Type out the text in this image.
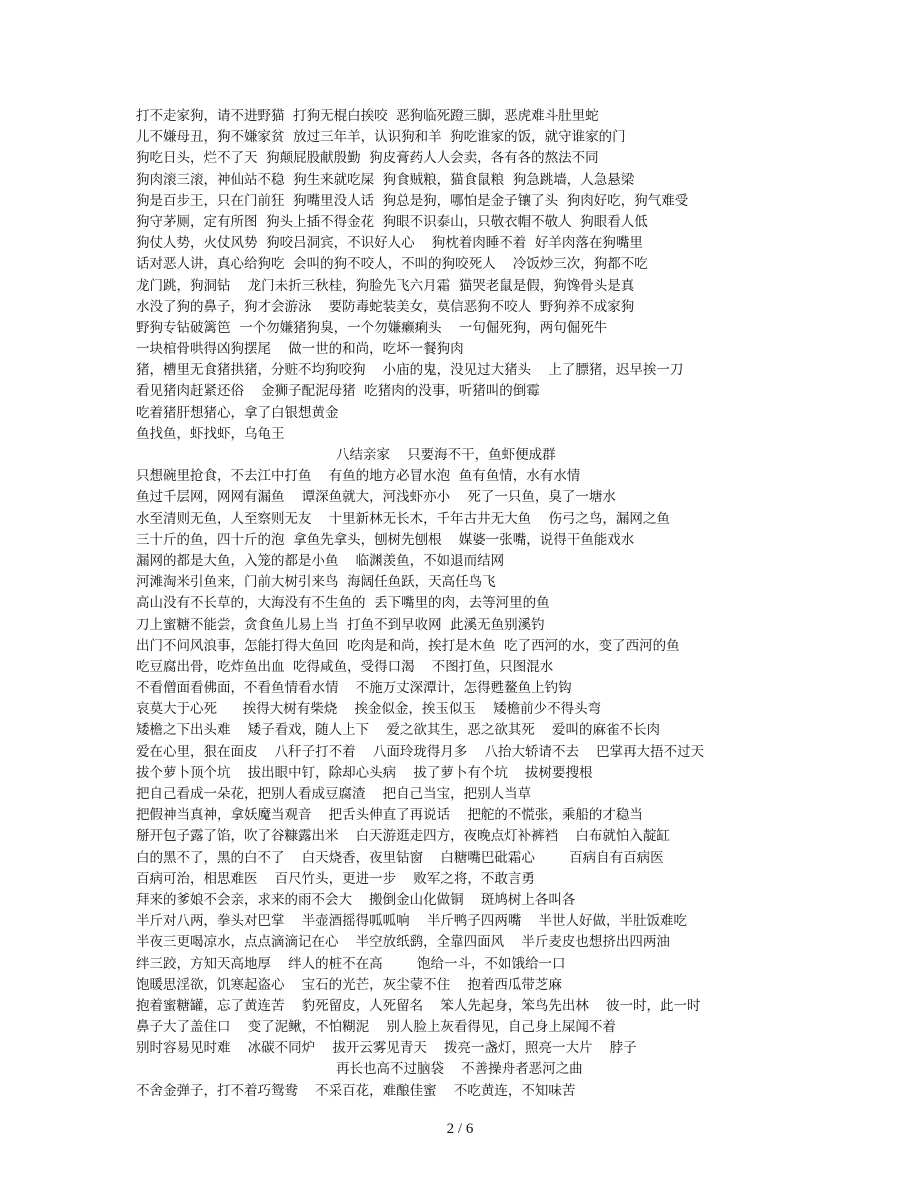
打不走家狗，请不进野猫  打狗无棍白挨咬  恶狗临死蹬三脚，恶虎难斗肚里蛇
儿不嫌母丑，狗不嫌家贫  放过三年羊，认识狗和羊  狗吃谁家的饭，就守谁家的门
狗吃日头，烂不了天  狗颠屁股献殷勤  狗皮膏药人人会卖，各有各的熬法不同
狗肉滚三滚，神仙站不稳  狗生来就吃屎  狗食贼粮，猫食鼠粮  狗急跳墙，人急悬梁
狗是百步王，只在门前狂  狗嘴里没人话  狗总是狗，哪怕是金子镶了头  狗肉好吃，狗气难受
狗守茅厕，定有所图  狗头上插不得金花  狗眼不识泰山，只敬衣帽不敬人  狗眼看人低
狗仗人势，火仗风势  狗咬吕洞宾，不识好人心    狗枕着肉睡不着  好羊肉落在狗嘴里
话对恶人讲，真心给狗吃  会叫的狗不咬人，不叫的狗咬死人    冷饭炒三次，狗都不吃
龙门跳，狗洞钻    龙门未折三秋桂，狗脸先飞六月霜  猫哭老鼠是假，狗馋骨头是真
水没了狗的鼻子，狗才会游泳    要防毒蛇装美女，莫信恶狗不咬人  野狗养不成家狗
野狗专钻破篱笆  一个勿嫌猪狗臭，一个勿嫌癞痢头    一句倔死狗，两句倔死牛
一块棺骨哄得凶狗摆尾    做一世的和尚，吃坏一餐狗肉
猪，槽里无食猪拱猪，分赃不均狗咬狗    小庙的鬼，没见过大猪头    上了膘猪，迟早挨一刀
看见猪肉赶紧还俗    金狮子配泥母猪  吃猪肉的没事，听猪叫的倒霉
吃着猪肝想猪心，拿了白银想黄金
鱼找鱼，虾找虾，乌龟王
八结亲家    只要海不干，鱼虾便成群
只想碗里抢食，不去江中打鱼    有鱼的地方必冒水泡  鱼有鱼情，水有水情
鱼过千层网，网网有漏鱼    谭深鱼就大，河浅虾亦小    死了一只鱼，臭了一塘水
水至清则无鱼，人至察则无友    十里新林无长木，千年古井无大鱼    伤弓之鸟，漏网之鱼
三十斤的鱼，四十斤的泡  拿鱼先拿头，刨树先刨根    媒婆一张嘴，说得干鱼能戏水
漏网的都是大鱼，入笼的都是小鱼    临渊羡鱼，不如退而结网
河滩淘米引鱼来，门前大树引来鸟  海阔任鱼跃，天高任鸟飞
高山没有不长草的，大海没有不生鱼的  丢下嘴里的肉，去等河里的鱼
刀上蜜糖不能尝，贪食鱼儿易上当  打鱼不到早收网  此溪无鱼别溪钓
出门不问风浪事，怎能打得大鱼回  吃肉是和尚，挨打是木鱼  吃了西河的水，变了西河的鱼
吃豆腐出骨，吃炸鱼出血  吃得咸鱼，受得口渴    不图打鱼，只图混水
不看僧面看佛面，不看鱼情看水情    不施万丈深潭计，怎得甦鳌鱼上钓钩
哀莫大于心死      挨得大树有柴烧    挨金似金，挨玉似玉    矮檐前少不得头弯
矮檐之下出头难    矮子看戏，随人上下    爱之欲其生，恶之欲其死    爱叫的麻雀不长肉
爱在心里，狠在面皮    八秆子打不着    八面玲珑得月多    八抬大轿请不去    巴掌再大捂不过天
拔个萝卜顶个坑    拔出眼中钉，除却心头病    拔了萝卜有个坑    拔树要搜根
把自己看成一朵花，把别人看成豆腐渣    把自己当宝，把别人当草
把假神当真神，拿妖魔当观音    把舌头伸直了再说话    把舵的不慌张，乘船的才稳当
掰开包子露了馅，吹了谷糠露出米    白天游逛走四方，夜晚点灯补裤裆    白布就怕入靛缸
白的黑不了，黑的白不了    白天烧香，夜里钻窗    白糖嘴巴砒霜心        百病自有百病医
百病可治，相思难医    百尺竹头，更进一步    败军之将，不敢言勇
拜来的爹娘不会亲，求来的雨不会大    搬倒金山化做铜    斑鸠树上各叫各
半斤对八两，拳头对巴掌    半壶酒摇得呱呱响    半斤鸭子四两嘴    半世人好做，半肚饭难吃
半夜三更喝凉水，点点滴滴记在心    半空放纸鹞，全靠四面风    半斤麦皮也想挤出四两油
绊三跤，方知天高地厚    绊人的桩不在高        饱给一斗，不如饿给一口
饱暖思淫欲，饥寒起盗心    宝石的光芒，灰尘蒙不住    抱着西瓜带芝麻
抱着蜜糖罐，忘了黄连苦    豹死留皮，人死留名    笨人先起身，笨鸟先出林    彼一时，此一时
鼻子大了盖住口    变了泥鳅，不怕糊泥    别人脸上灰看得见，自己身上屎闻不着
别时容易见时难    冰碳不同炉    拔开云雾见青天    拨亮一盏灯，照亮一大片    脖子
再长也高不过脑袋    不善操舟者恶河之曲
不舍金弹子，打不着巧鸳鸯    不采百花，难酿佳蜜    不吃黄连，不知味苦
2 / 6
